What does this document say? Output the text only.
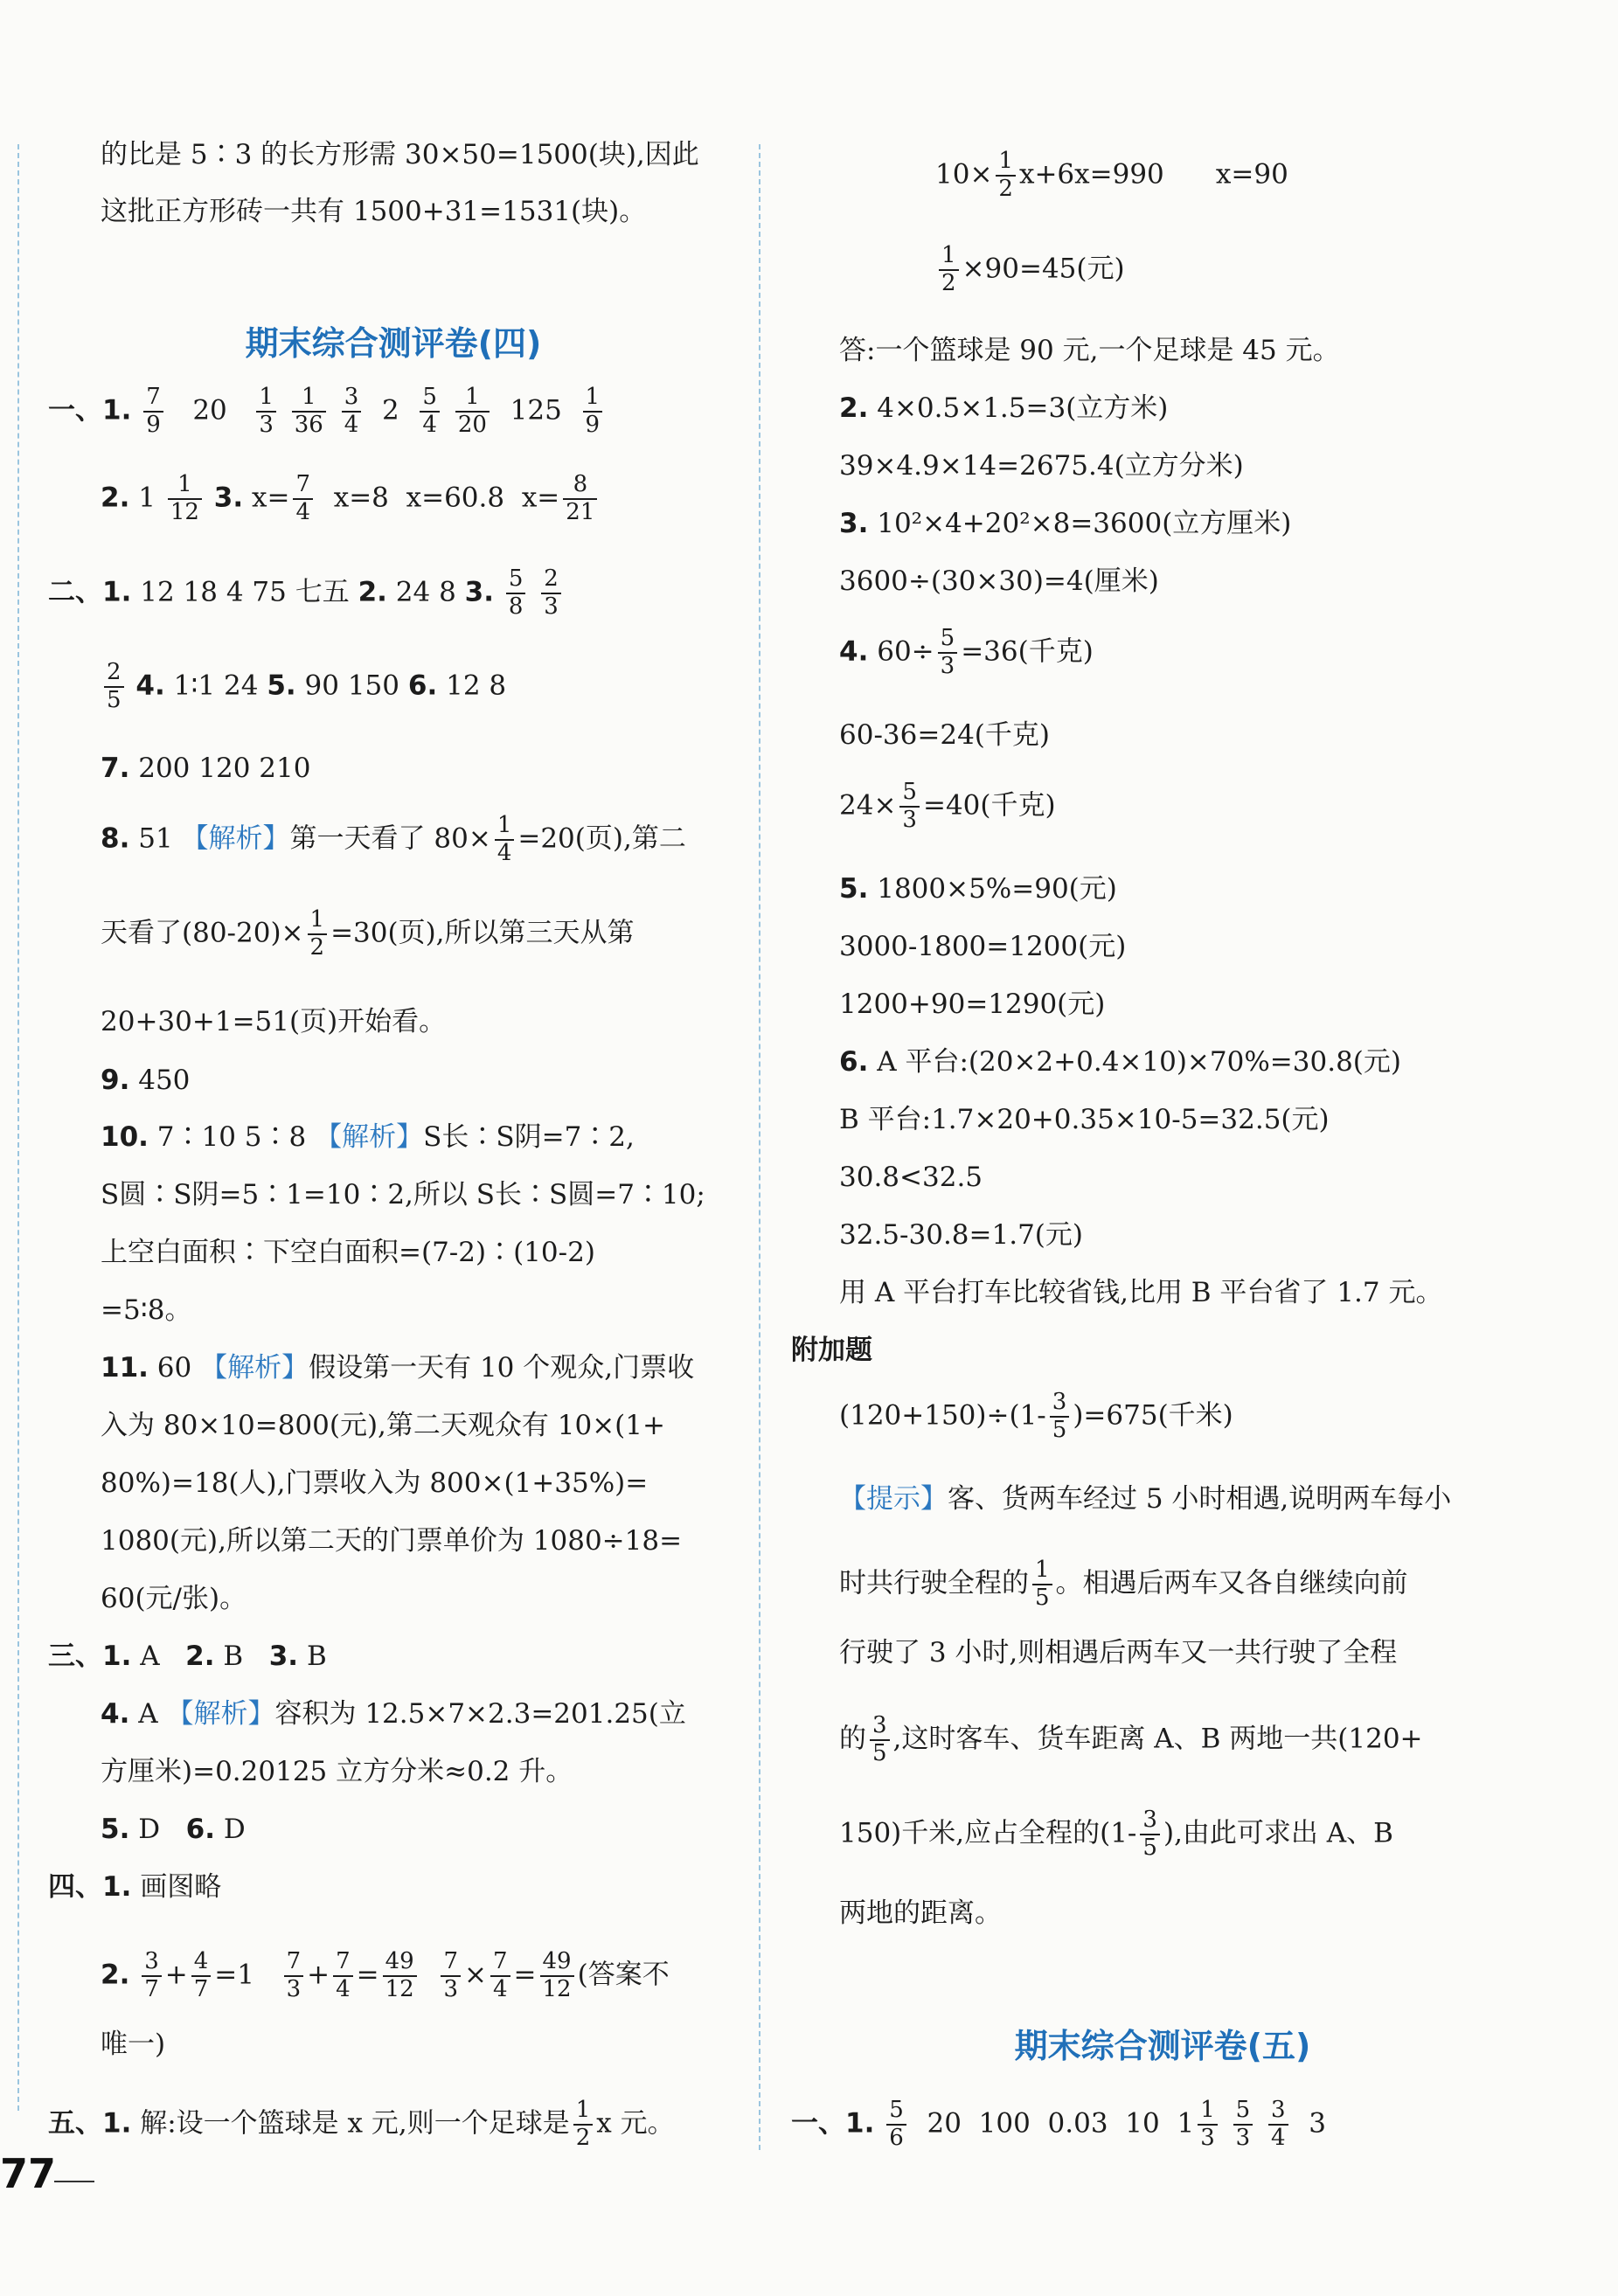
的比是 5∶3 的长方形需 30×50=1500(块),因此
这批正方形砖一共有 1500+31=1531(块)。
期末综合测评卷(四)
一、1. $\frac{7}{9} 20 \frac{1}{3}$
$\frac{1}{36}$
$\frac{3}{4} 2 \frac{5}{4}$
$\frac{1}{20} 125 \frac{1}{9}$
2. $1 \frac{1}{12} 3$. $x= \frac{7}{4} x=8$ x=60.8 $x= \frac{8}{21}$
二、1. 12 18 4 75 七五 2. 24 8 3. $\frac{5}{8}$
$\frac{2}{3}$
$\frac{2}{5} 4$. 1∶1 24 5. 90 150 6. 12 8
7. 200 120 210
8. 51 【解析】第一天看了 $80\times \frac{1}{4} =20$(页),第二
天看了$(80-20)\times \frac{1}{2} =30$(页),所以第三天从第
20+30+1=51(页)开始看。
9. 450
10. 7∶10 5∶8 【解析】S长∶S阴=7∶2,
S圆∶S阴=5∶1=10∶2,所以 S长∶S圆=7∶10;
上空白面积∶下空白面积=(7-2)∶(10-2)
=5∶8。
11. 60 【解析】假设第一天有 10 个观众,门票收
入为 80×10=800(元),第二天观众有 10×(1+
80%)=18(人),门票收入为 800×(1+35%)=
1080(元),所以第二天的门票单价为 1080÷18=
60(元/张)。
三、1. A 2. B 3. B
4. A 【解析】容积为 12.5×7×2.3=201.25(立
方厘米)=0.20125 立方分米≈0.2 升。
5. D 6. D
四、1. 画图略
2. $\frac{3}{7} + \frac{4}{7} =1 \frac{7}{3} + \frac{7}{4} = \frac{49}{12}$
$\frac{7}{3} \times \frac{7}{4} = \frac{49}{12}$ (答案不
唯一)
五、1. 解:设一个篮球是 x 元,则一个足球是 $\frac{1}{2}$ x 元。
$10\times \frac{1}{2} x+6x=990$ x=90
$\frac{1}{2} \times 90=45$(元)
答:一个篮球是 90 元,一个足球是 45 元。
2. 4×0.5×1.5=3(立方米)
39×4.9×14=2675.4(立方分米)
3. 10²×4+20²×8=3600(立方厘米)
3600÷(30×30)=4(厘米)
4. $60\div \frac{5}{3} =36$(千克)
60-36=24(千克)
$24\times \frac{5}{3} =40$(千克)
5. 1800×5%=90(元)
3000-1800=1200(元)
1200+90=1290(元)
6. A 平台:(20×2+0.4×10)×70%=30.8(元)
B 平台:1.7×20+0.35×10-5=32.5(元)
30.8<32.5
32.5-30.8=1.7(元)
用 A 平台打车比较省钱,比用 B 平台省了 1.7 元。
附加题
$(120+150)\div(1- \frac{3}{5} )=675$(千米)
【提示】客、货两车经过 5 小时相遇,说明两车每小
时共行驶全程的 $\frac{1}{5}$ 。相遇后两车又各自继续向前
行驶了 3 小时,则相遇后两车又一共行驶了全程
的 $\frac{3}{5}$ ,这时客车、货车距离 A、B 两地一共(120+
150)千米,应占全程的($1- \frac{3}{5}$ ),由此可求出 A、B
两地的距离。
期末综合测评卷(五)
一、1. $\frac{5}{6} 20$ 100 0.03 10 $1 \frac{1}{3}$
$\frac{5}{3}$
$\frac{3}{4} 3$
77
